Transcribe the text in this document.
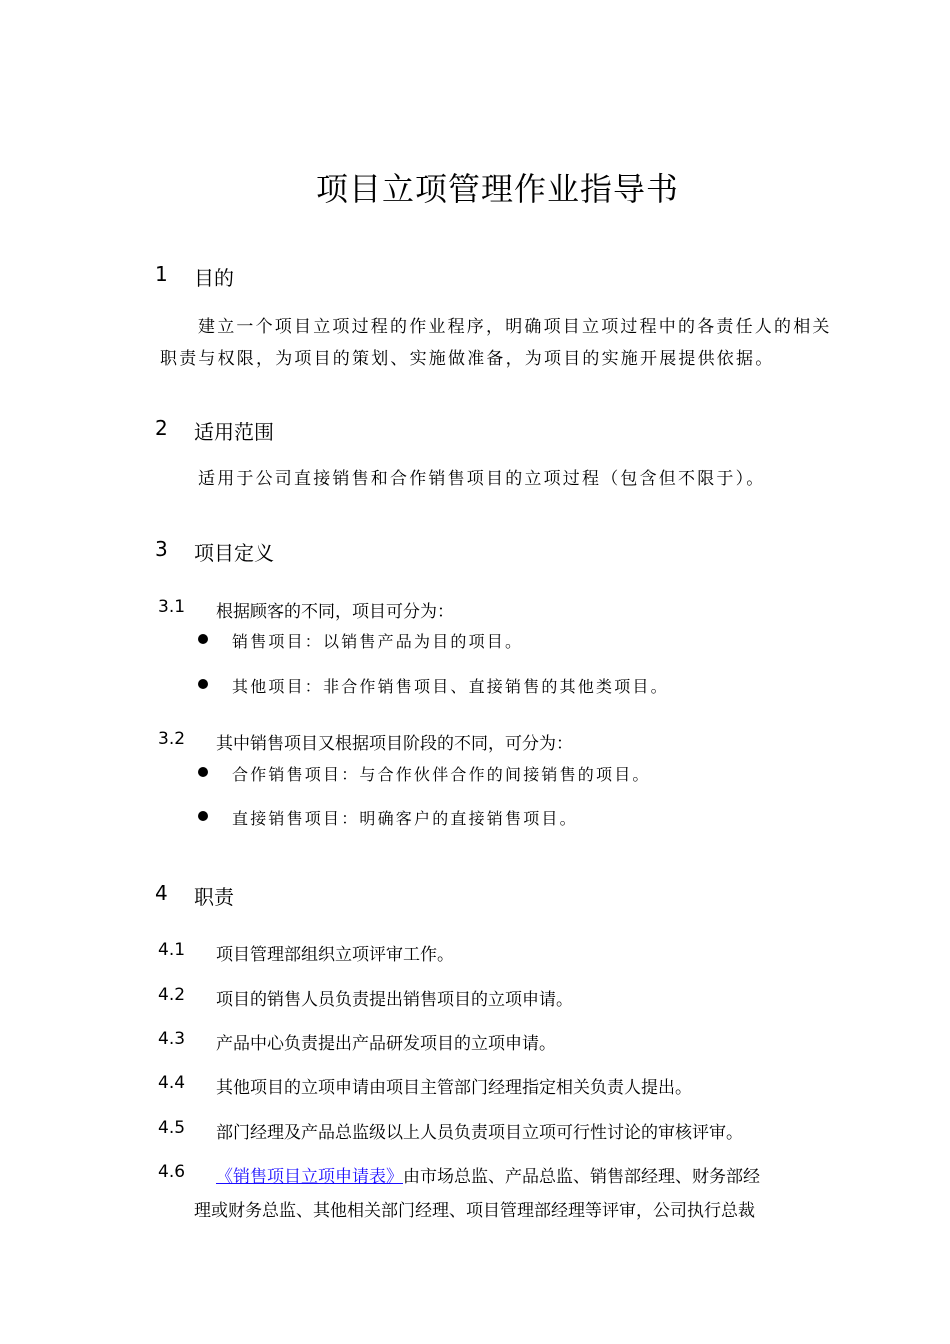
项目立项管理作业指导书
1 目的
建立一个项目立项过程的作业程序，明确项目立项过程中的各责任人的相关
职责与权限，为项目的策划、实施做准备，为项目的实施开展提供依据。
2 适用范围
适用于公司直接销售和合作销售项目的立项过程（包含但不限于）。
3 项目定义
3.1 根据顾客的不同，项目可分为：
销售项目：以销售产品为目的项目。
其他项目：非合作销售项目、直接销售的其他类项目。
3.2 其中销售项目又根据项目阶段的不同，可分为：
合作销售项目：与合作伙伴合作的间接销售的项目。
直接销售项目：明确客户的直接销售项目。
4 职责
4.1 项目管理部组织立项评审工作。
4.2 项目的销售人员负责提出销售项目的立项申请。
4.3 产品中心负责提出产品研发项目的立项申请。
4.4 其他项目的立项申请由项目主管部门经理指定相关负责人提出。
4.5 部门经理及产品总监级以上人员负责项目立项可行性讨论的审核评审。
4.6 《销售项目立项申请表》由市场总监、产品总监、销售部经理、财务部经
理或财务总监、其他相关部门经理、项目管理部经理等评审，公司执行总裁
